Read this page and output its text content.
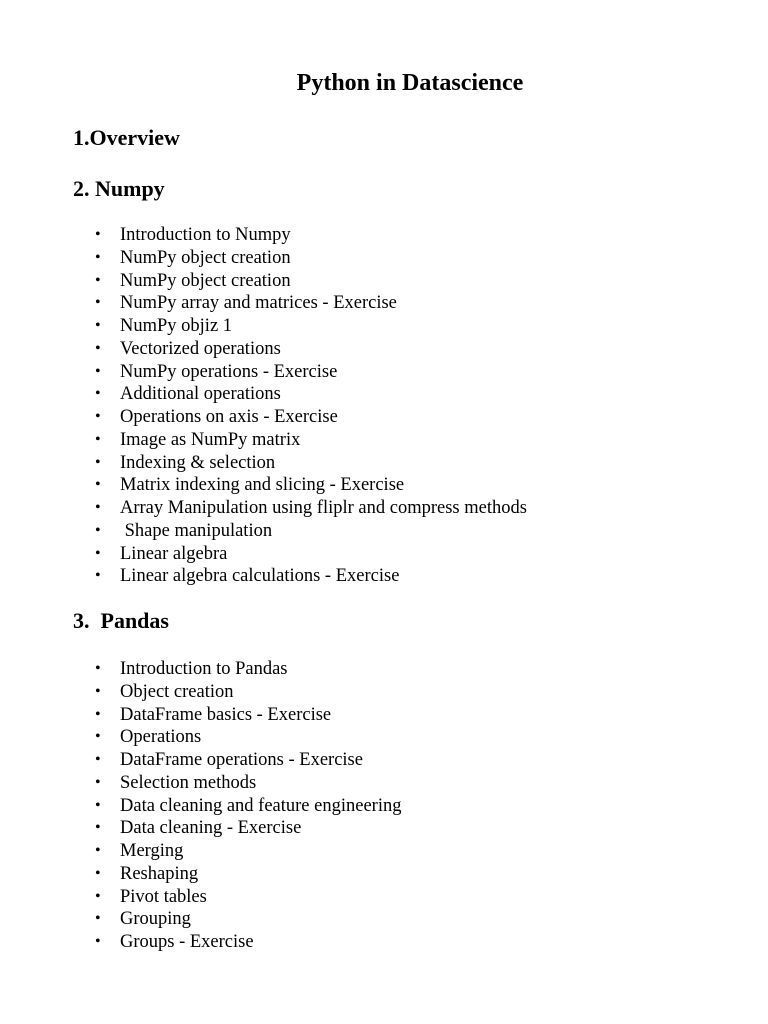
Python in Datascience
1.Overview
2. Numpy
• Introduction to Numpy
• NumPy object creation
• NumPy object creation
• NumPy array and matrices - Exercise
• NumPy objiz 1
• Vectorized operations
• NumPy operations - Exercise
• Additional operations
• Operations on axis - Exercise
• Image as NumPy matrix
• Indexing & selection
• Matrix indexing and slicing - Exercise
• Array Manipulation using fliplr and compress methods
• Shape manipulation
• Linear algebra
• Linear algebra calculations - Exercise
3.  Pandas
• Introduction to Pandas
• Object creation
• DataFrame basics - Exercise
• Operations
• DataFrame operations - Exercise
• Selection methods
• Data cleaning and feature engineering
• Data cleaning - Exercise
• Merging
• Reshaping
• Pivot tables
• Grouping
• Groups - Exercise
